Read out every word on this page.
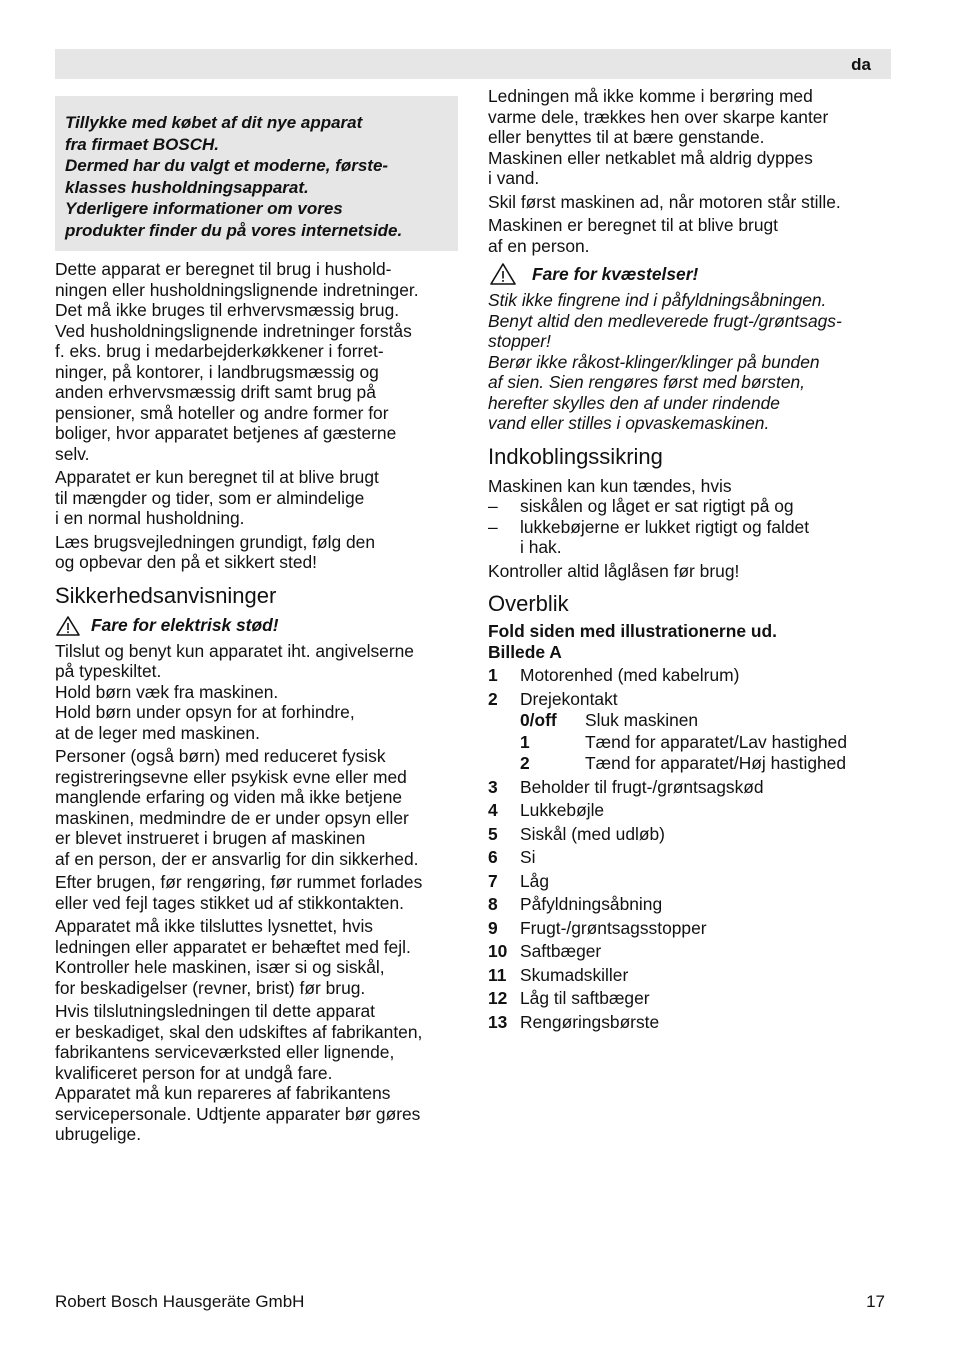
da

Tillykke med købet af dit nye apparat

fra firmaet BOSCH.

Dermed har du valgt et moderne, første-

klasses husholdningsapparat.

Yderligere informationer om vores

produkter finder du på vores internetside.

Dette apparat er beregnet til brug i hushold-
ningen eller husholdningslignende indretninger.
Det må ikke bruges til erhvervsmæssig brug.
Ved husholdningslignende indretninger forstås
f. eks. brug i medarbejderkøkkener i forret-
ninger, på kontorer, i landbrugsmæssig og
anden erhvervsmæssig drift samt brug på
pensioner, små hoteller og andre former for
boliger, hvor apparatet betjenes af gæsterne
selv.
Apparatet er kun beregnet til at blive brugt
til mængder og tider, som er almindelige
i en normal husholdning.
Læs brugsvejledningen grundigt, følg den
og opbevar den på et sikkert sted!
Sikkerhedsanvisninger
Fare for elektrisk stød!
Tilslut og benyt kun apparatet iht. angivelserne
på typeskiltet.
Hold børn væk fra maskinen.
Hold børn under opsyn for at forhindre,
at de leger med maskinen.
Personer (også børn) med reduceret fysisk
registreringsevne eller psykisk evne eller med
manglende erfaring og viden må ikke betjene
maskinen, medmindre de er under opsyn eller
er blevet instrueret i brugen af maskinen
af en person, der er ansvarlig for din sikkerhed.
Efter brugen, før rengøring, før rummet forlades
eller ved fejl tages stikket ud af stikkontakten.
Apparatet må ikke tilsluttes lysnettet, hvis
ledningen eller apparatet er behæftet med fejl.
Kontroller hele maskinen, især si og siskål,
for beskadigelser (revner, brist) før brug.
Hvis tilslutningsledningen til dette apparat
er beskadiget, skal den udskiftes af fabrikanten,
fabrikantens serviceværksted eller lignende,
kvalificeret person for at undgå fare.
Apparatet må kun repareres af fabrikantens
servicepersonale. Udtjente apparater bør gøres
ubrugelige.
Ledningen må ikke komme i berøring med
varme dele, trækkes hen over skarpe kanter
eller benyttes til at bære genstande.
Maskinen eller netkablet må aldrig dyppes
i vand.
Skil først maskinen ad, når motoren står stille.
Maskinen er beregnet til at blive brugt
af en person.
Fare for kvæstelser!
Stik ikke fingrene ind i påfyldningsåbningen.
Benyt altid den medleverede frugt-/grøntsags-
stopper!
Berør ikke råkost-klinger/klinger på bunden
af sien. Sien rengøres først med børsten,
herefter skylles den af under rindende
vand eller stilles i opvaskemaskinen.
Indkoblingssikring
Maskinen kan kun tændes, hvis
–	siskålen og låget er sat rigtigt på og
–	lukkebøjerne er lukket rigtigt og faldet
i hak.
Kontroller altid låglåsen før brug!
Overblik
Fold siden med illustrationerne ud.
Billede A
1	Motorenhed (med kabelrum)
2	Drejekontakt
0/off	Sluk maskinen
1	Tænd for apparatet/Lav hastighed
2	Tænd for apparatet/Høj hastighed
3	Beholder til frugt-/grøntsagskød
4	Lukkebøjle
5	Siskål (med udløb)
6	Si
7	Låg
8	Påfyldningsåbning
9	Frugt-/grøntsagsstopper
10 Saftbæger
11 Skumadskiller
12 Låg til saftbæger
13 Rengøringsbørste
Robert Bosch Hausgeräte GmbH	17
